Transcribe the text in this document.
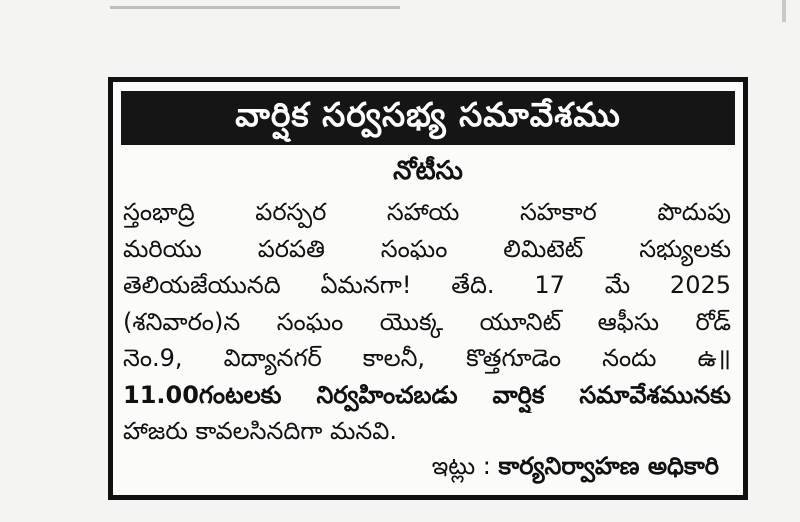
వార్షిక సర్వసభ్య సమావేశము
నోటీసు
స్తంభాద్రి పరస్పర సహాయ సహకార పొదుపు
మరియు పరపతి సంఘం లిమిటెట్ సభ్యులకు
తెలియజేయునది ఏమనగా! తేది. 17 మే 2025
(శనివారం)న సంఘం యొక్క యూనిట్ ఆఫీసు రోడ్
నెం.9, విద్యానగర్ కాలనీ, కొత్తగూడెం నందు ఉ॥
11.00గంటలకు నిర్వహించబడు వార్షిక సమావేశమునకు
హాజరు కావలసినదిగా మనవి.
ఇట్లు : కార్యనిర్వాహణ అధికారి
